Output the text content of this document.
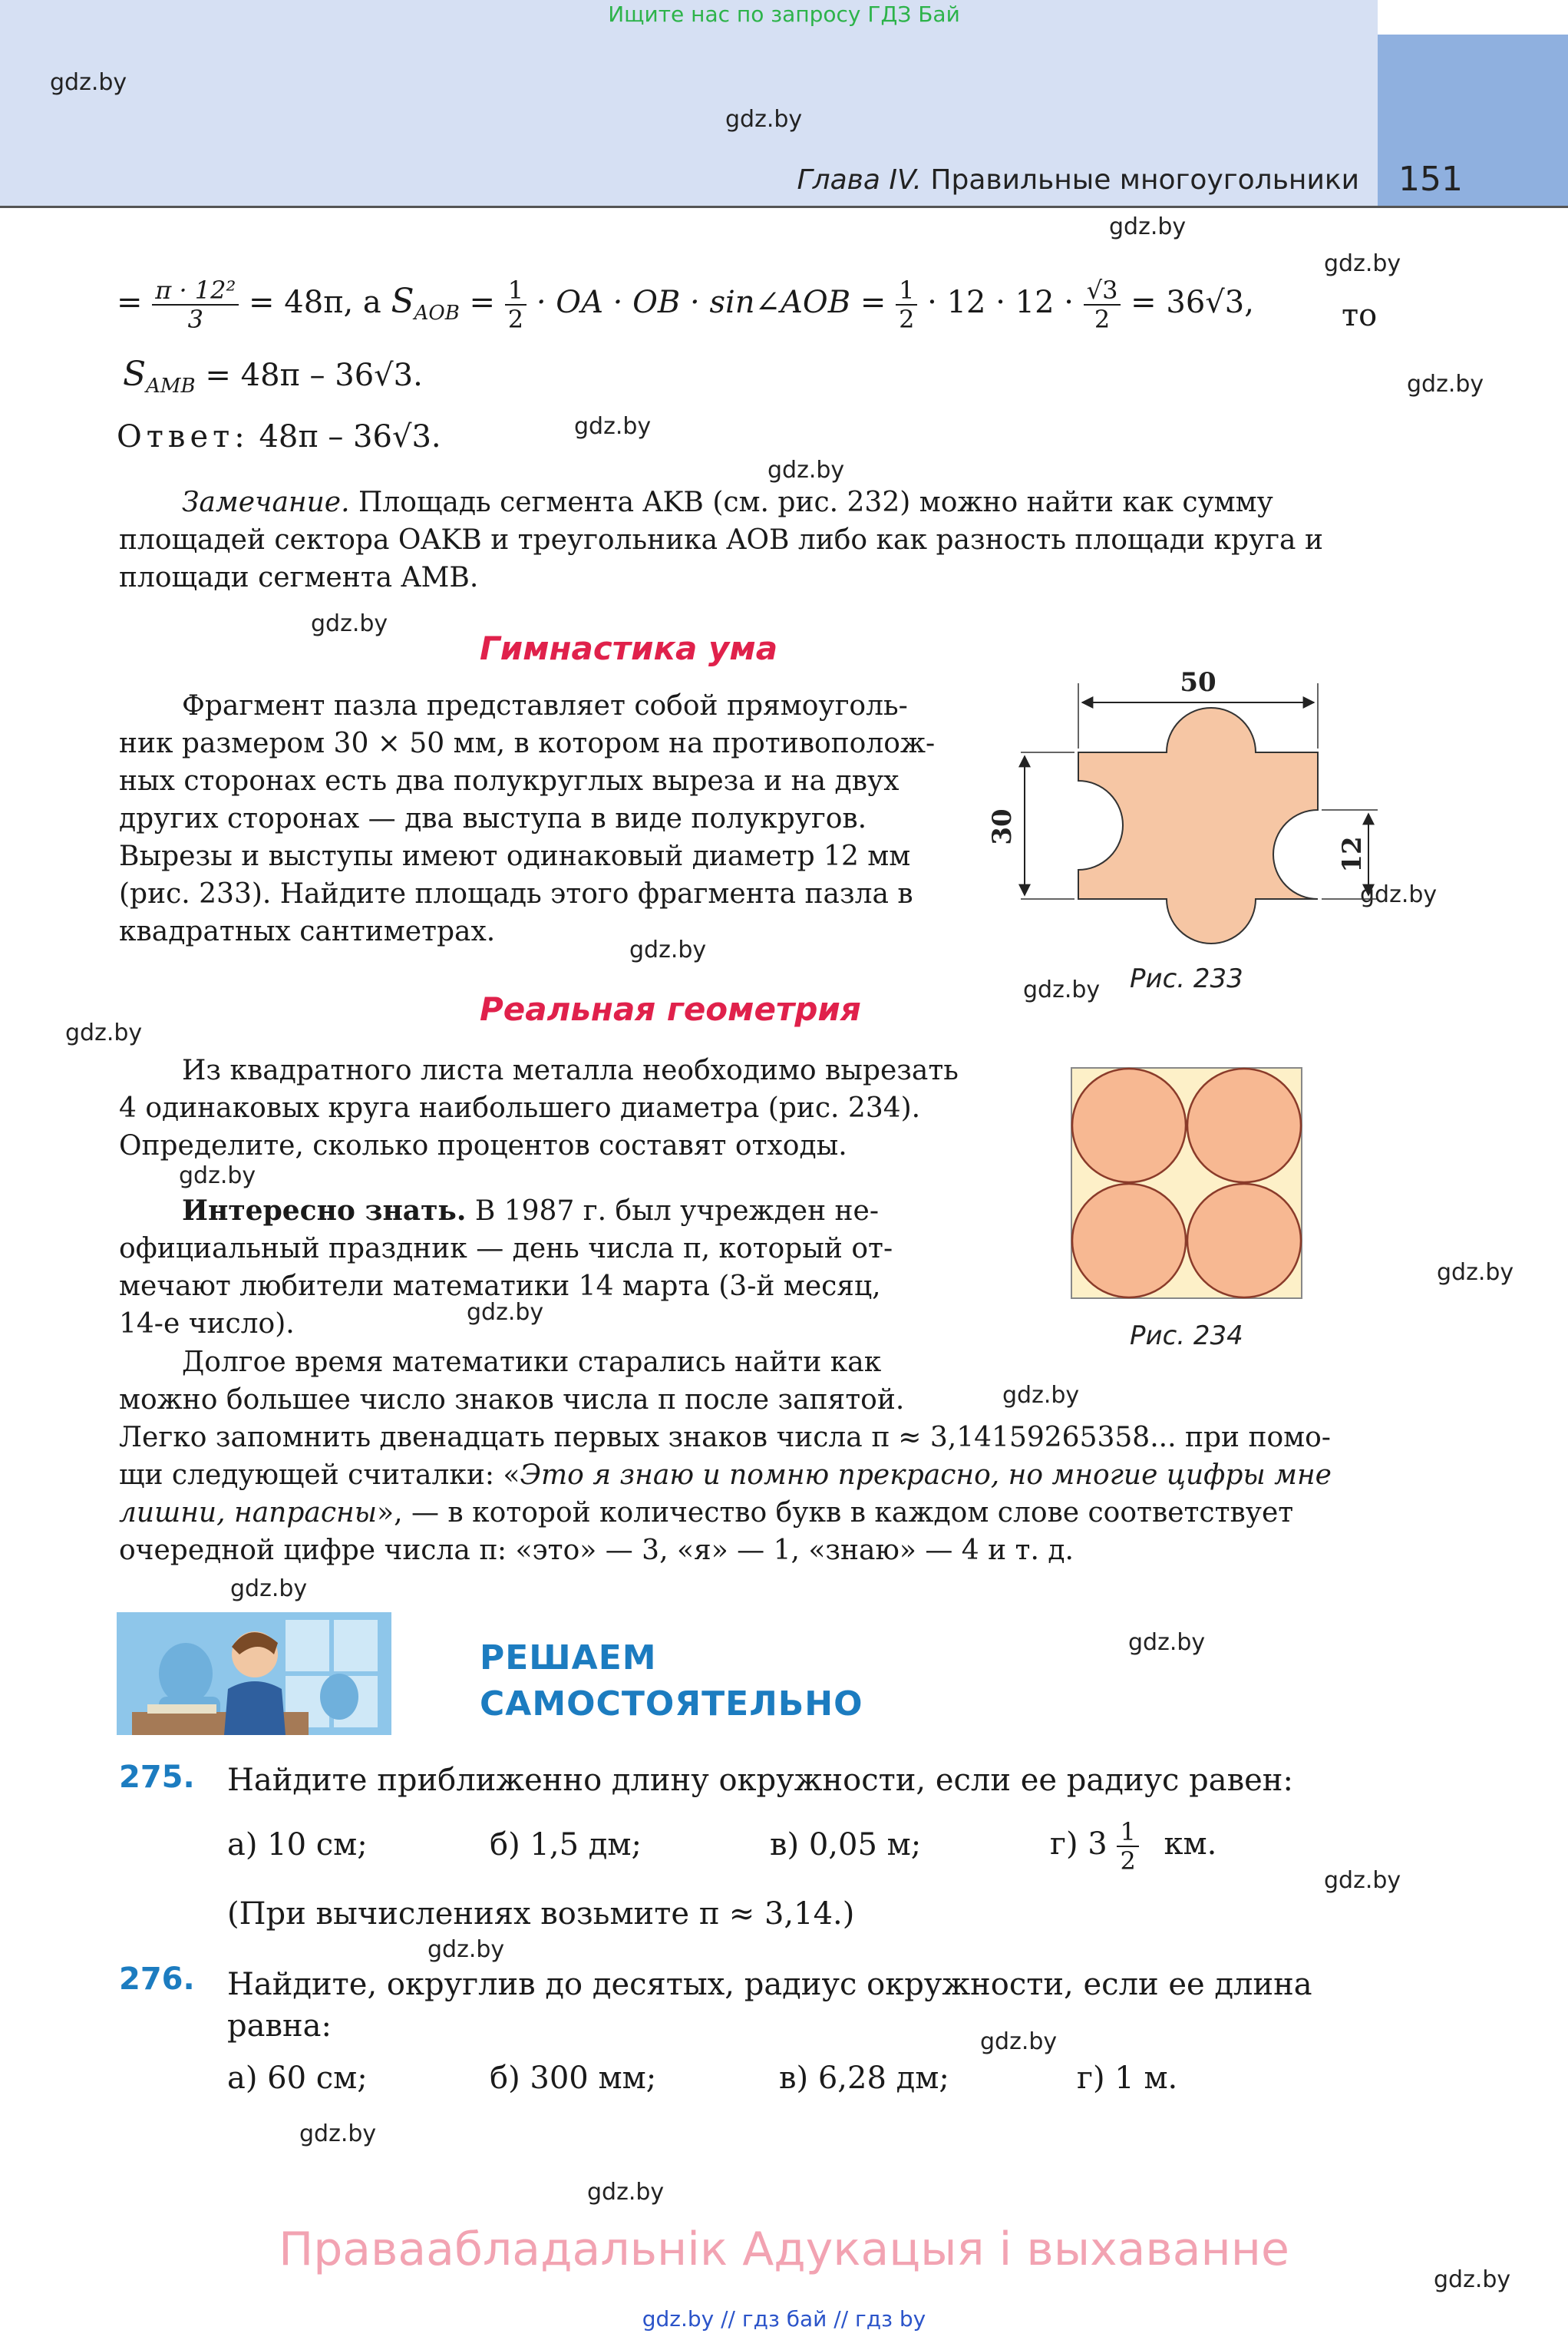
Ищите нас по запросу ГДЗ Бай
Глава IV. Правильные многоугольники 151
gdz.by
gdz.by
gdz.by
gdz.by
gdz.by
gdz.by
gdz.by
gdz.by
gdz.by
gdz.by
gdz.by
gdz.by
gdz.by
gdz.by
gdz.by
gdz.by
gdz.by
gdz.by
gdz.by
gdz.by
gdz.by
gdz.by
gdz.by
gdz.by
= $\frac{\text{π · 12²}}{3} = 48\pi$, а $S_{AOB} = \frac{1}{2}$ · OA · OB · sin∠AOB = $\frac{1}{2} \cdot 12 \cdot 12 \cdot \frac{√3}{2} = 36√3$,	то
$S_{AMB} = 48\pi - 36√3$.
Ответ: 48π – 36√3.
Замечание. Площадь сегмента AKB (см. рис. 232) можно найти как сумму
площадей сектора OAKB и треугольника AOB либо как разность площади круга и
площади сегмента AMB.
Гимнастика ума
Фрагмент пазла представляет собой прямоуголь-
ник размером 30 × 50 мм, в котором на противополож-
ных сторонах есть два полукруглых выреза и на двух
других сторонах — два выступа в виде полукругов.
Вырезы и выступы имеют одинаковый диаметр 12 мм
(рис. 233). Найдите площадь этого фрагмента пазла в
квадратных сантиметрах.
50
30
12
Рис. 233
Реальная геометрия
Из квадратного листа металла необходимо вырезать
4 одинаковых круга наибольшего диаметра (рис. 234).
Определите, сколько процентов составят отходы.
Рис. 234
Интересно знать. В 1987 г. был учрежден не-
официальный праздник — день числа π, который от-
мечают любители математики 14 марта (3-й месяц,
14-е число).
Долгое время математики старались найти как
можно большее число знаков числа π после запятой.
Легко запомнить двенадцать первых знаков числа π ≈ 3,14159265358... при помо-
щи следующей считалки: «Это я знаю и помню прекрасно, но многие цифры мне
лишни, напрасны», — в которой количество букв в каждом слове соответствует
очередной цифре числа π: «это» — 3, «я» — 1, «знаю» — 4 и т. д.
РЕШАЕМ
САМОСТОЯТЕЛЬНО
275. Найдите приближенно длину окружности, если ее радиус равен:
а) 10 см;	б) 1,5 дм;	в) 0,05 м;	г) $3 \frac{1}{2}$ км.
(При вычислениях возьмите π ≈ 3,14.)
276. Найдите, округлив до десятых, радиус окружности, если ее длина
равна:
а) 60 см;	б) 300 мм;	в) 6,28 дм;	г) 1 м.
Праваабладальнік Адукацыя і выхаванне
gdz.by // гдз бай // гдз by
